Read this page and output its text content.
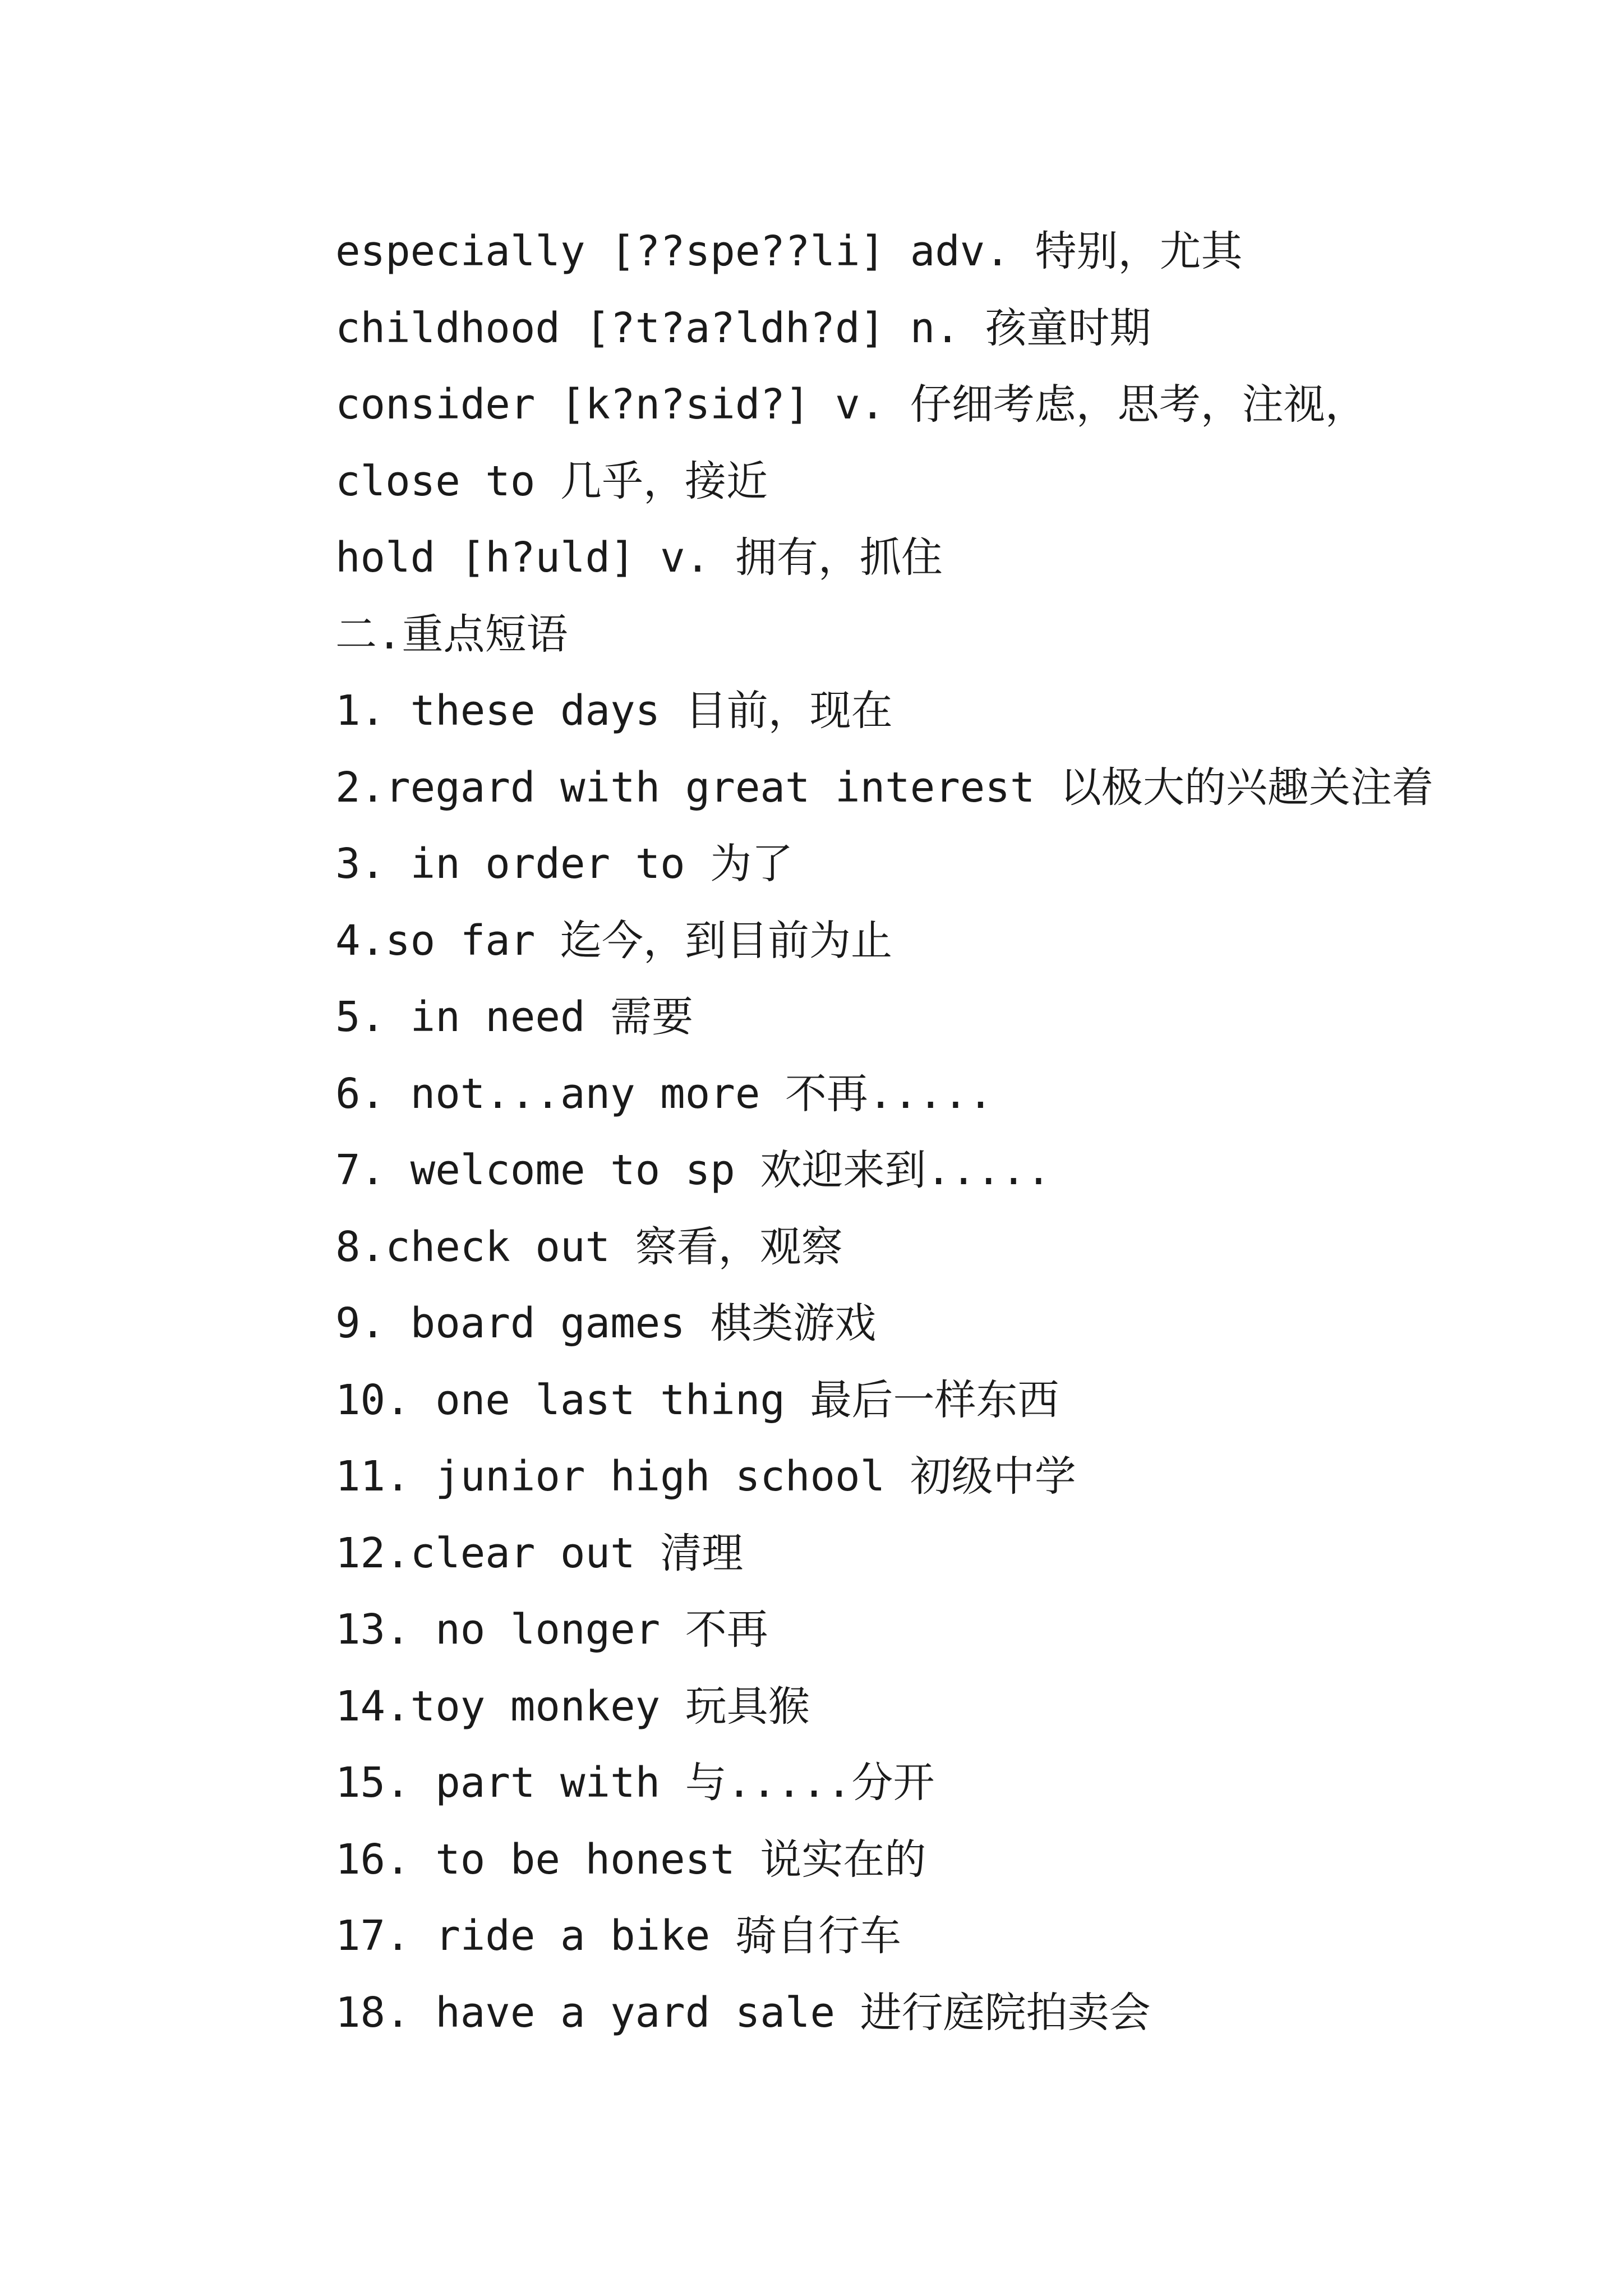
especially [??spe??li] adv. 特别，尤其
childhood [?t?a?ldh?d] n. 孩童时期
consider [k?n?sid?] v. 仔细考虑，思考，注视，
close to 几乎，接近
hold [h?uld] v. 拥有，抓住
二.重点短语
1. these days 目前，现在
2.regard with great interest 以极大的兴趣关注着
3. in order to 为了
4.so far 迄今，到目前为止
5. in need 需要
6. not...any more 不再.....
7. welcome to sp 欢迎来到.....
8.check out 察看，观察
9. board games 棋类游戏
10. one last thing 最后一样东西
11. junior high school 初级中学
12.clear out 清理
13. no longer 不再
14.toy monkey 玩具猴
15. part with 与.....分开
16. to be honest 说实在的
17. ride a bike 骑自行车
18. have a yard sale 进行庭院拍卖会
